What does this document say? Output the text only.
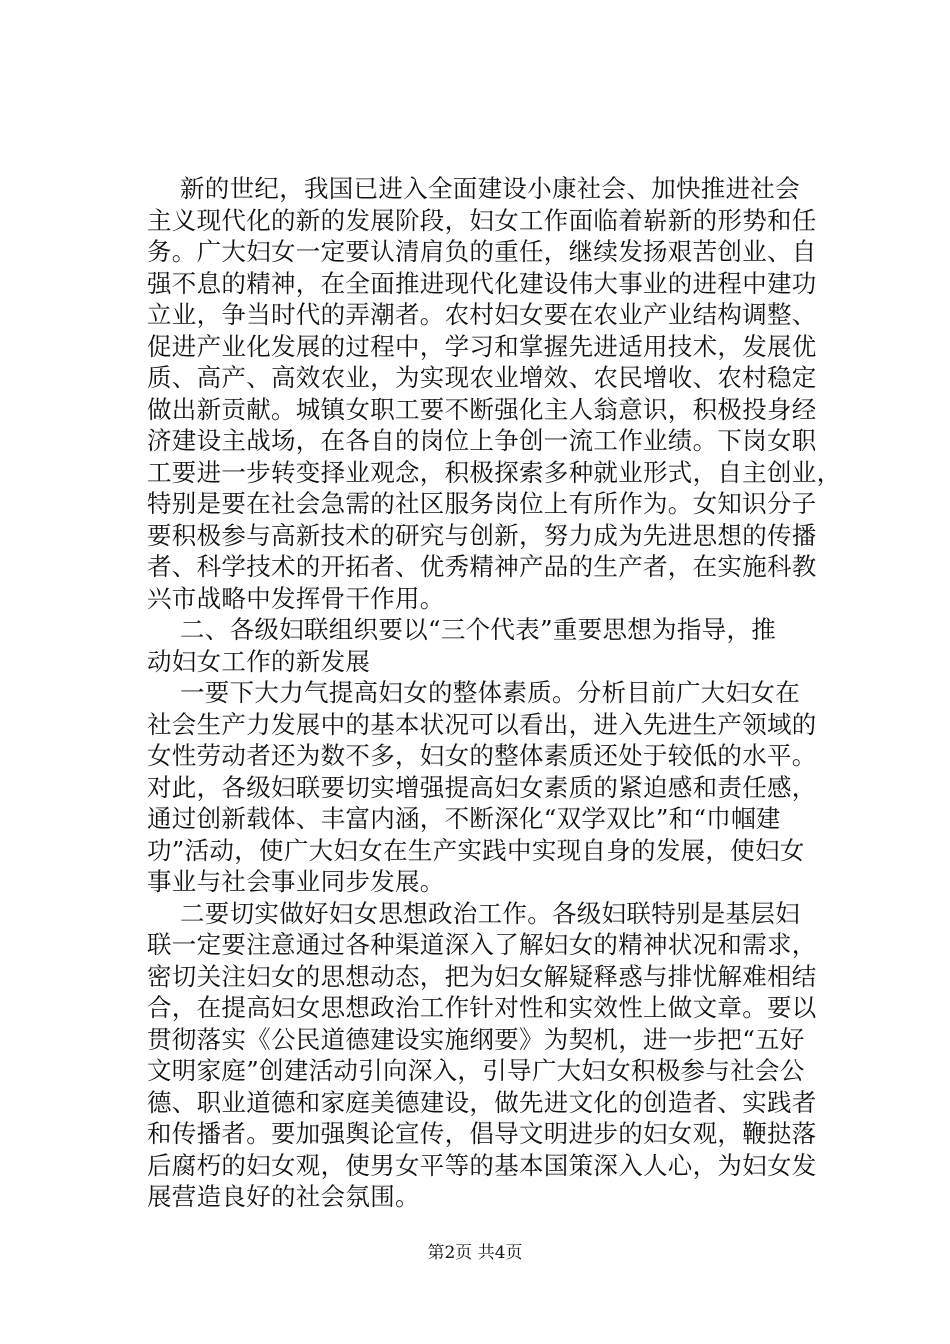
新的世纪，我国已进入全面建设小康社会、加快推进社会
主义现代化的新的发展阶段，妇女工作面临着崭新的形势和任
务。广大妇女一定要认清肩负的重任，继续发扬艰苦创业、自
强不息的精神，在全面推进现代化建设伟大事业的进程中建功
立业，争当时代的弄潮者。农村妇女要在农业产业结构调整、
促进产业化发展的过程中，学习和掌握先进适用技术，发展优
质、高产、高效农业，为实现农业增效、农民增收、农村稳定
做出新贡献。城镇女职工要不断强化主人翁意识，积极投身经
济建设主战场，在各自的岗位上争创一流工作业绩。下岗女职
工要进一步转变择业观念，积极探索多种就业形式，自主创业，
特别是要在社会急需的社区服务岗位上有所作为。女知识分子
要积极参与高新技术的研究与创新，努力成为先进思想的传播
者、科学技术的开拓者、优秀精神产品的生产者，在实施科教
兴市战略中发挥骨干作用。
二、各级妇联组织要以“三个代表”重要思想为指导，推
动妇女工作的新发展
一要下大力气提高妇女的整体素质。分析目前广大妇女在
社会生产力发展中的基本状况可以看出，进入先进生产领域的
女性劳动者还为数不多，妇女的整体素质还处于较低的水平。
对此，各级妇联要切实增强提高妇女素质的紧迫感和责任感，
通过创新载体、丰富内涵，不断深化“双学双比”和“巾帼建
功”活动，使广大妇女在生产实践中实现自身的发展，使妇女
事业与社会事业同步发展。
二要切实做好妇女思想政治工作。各级妇联特别是基层妇
联一定要注意通过各种渠道深入了解妇女的精神状况和需求，
密切关注妇女的思想动态，把为妇女解疑释惑与排忧解难相结
合，在提高妇女思想政治工作针对性和实效性上做文章。要以
贯彻落实《公民道德建设实施纲要》为契机，进一步把“五好
文明家庭”创建活动引向深入，引导广大妇女积极参与社会公
德、职业道德和家庭美德建设，做先进文化的创造者、实践者
和传播者。要加强舆论宣传，倡导文明进步的妇女观，鞭挞落
后腐朽的妇女观，使男女平等的基本国策深入人心，为妇女发
展营造良好的社会氛围。
第2页 共4页
